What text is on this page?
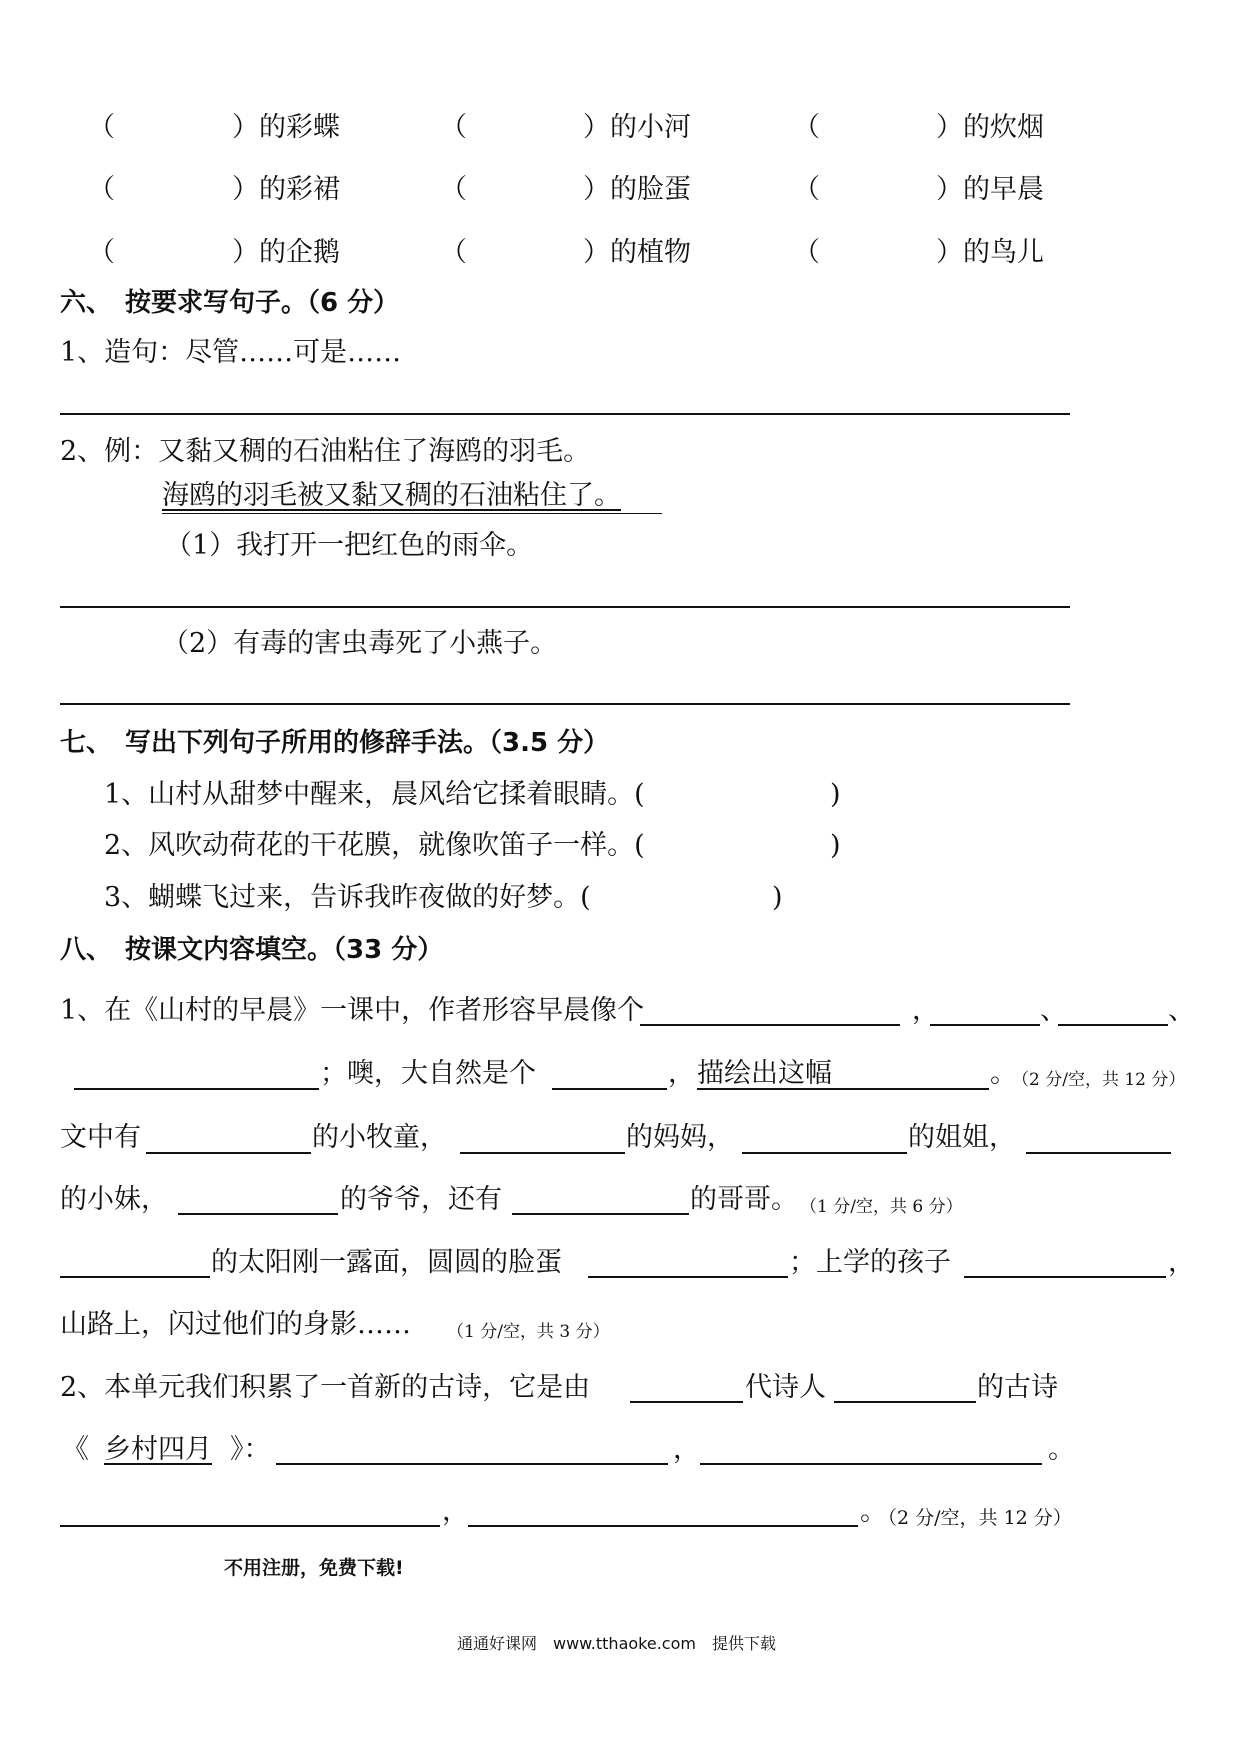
（	）的彩蝶	（	）的小河	（	）的炊烟
（	）的彩裙	（	）的脸蛋	（	）的早晨
（	）的企鹅	（	）的植物	（	）的鸟儿
六、　按要求写句子。（6 分）
1、造句：尽管……可是……
2、例：又黏又稠的石油粘住了海鸥的羽毛。
海鸥的羽毛被又黏又稠的石油粘住了。
（1）我打开一把红色的雨伞。
（2）有毒的害虫毒死了小燕子。
七、　写出下列句子所用的修辞手法。（3.5 分）
1、山村从甜梦中醒来，晨风给它揉着眼睛。(	)
2、风吹动荷花的干花膜，就像吹笛子一样。(	)
3、蝴蝶飞过来，告诉我昨夜做的好梦。(	)
八、　按课文内容填空。（33 分）
1、在《山村的早晨》一课中，作者形容早晨像个	，	、	、
；噢，大自然是个	， 描绘出这幅	。
（2 分/空，共 12 分）
文中有	的小牧童，	的妈妈，	的姐姐，
的小妹，	的爷爷，还有	的哥哥。 （1 分/空，共 6 分）
的太阳刚一露面，圆圆的脸蛋	；上学的孩子	，
山路上，闪过他们的身影…… （1 分/空，共 3 分）
2、本单元我们积累了一首新的古诗，它是由	代诗人	的古诗
《 乡村四月 》：	，	。
，	。
（2 分/空，共 12 分）
不用注册，免费下载!
通通好课网　www.tthaoke.com　提供下载
